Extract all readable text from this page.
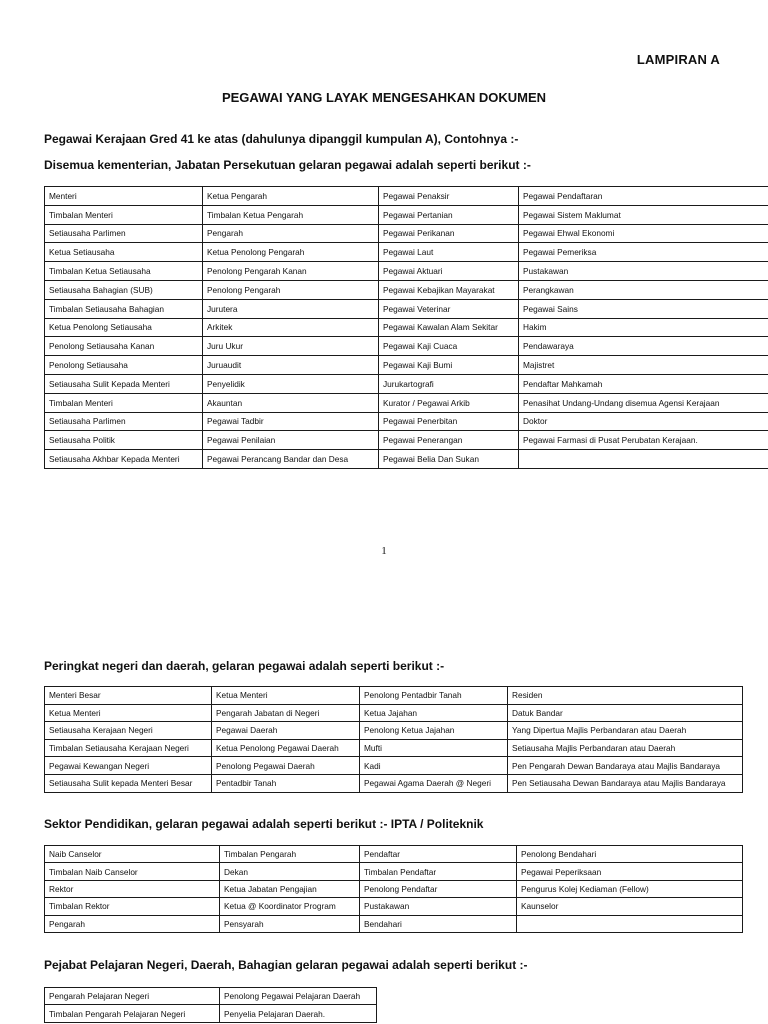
LAMPIRAN A
PEGAWAI YANG LAYAK MENGESAHKAN DOKUMEN
Pegawai Kerajaan Gred 41 ke atas (dahulunya dipanggil kumpulan A), Contohnya :-
Disemua kementerian, Jabatan Persekutuan gelaran pegawai adalah seperti berikut :-
Menteri	Ketua Pengarah	Pegawai Penaksir	Pegawai Pendaftaran
Timbalan Menteri	Timbalan Ketua Pengarah	Pegawai Pertanian	Pegawai Sistem Maklumat
Setiausaha Parlimen	Pengarah	Pegawai Perikanan	Pegawai Ehwal Ekonomi
Ketua Setiausaha	Ketua Penolong Pengarah	Pegawai Laut	Pegawai Pemeriksa
Timbalan Ketua Setiausaha	Penolong Pengarah Kanan	Pegawai Aktuari	Pustakawan
Setiausaha Bahagian (SUB)	Penolong Pengarah	Pegawai Kebajikan Mayarakat	Perangkawan
Timbalan Setiausaha Bahagian	Jurutera	Pegawai Veterinar	Pegawai Sains
Ketua Penolong Setiausaha	Arkitek	Pegawai Kawalan Alam Sekitar	Hakim
Penolong Setiausaha Kanan	Juru Ukur	Pegawai Kaji Cuaca	Pendawaraya
Penolong Setiausaha	Juruaudit	Pegawai Kaji Bumi	Majistret
Setiausaha Sulit Kepada Menteri	Penyelidik	Jurukartografi	Pendaftar Mahkamah
Timbalan Menteri	Akauntan	Kurator / Pegawai Arkib	Penasihat Undang-Undang disemua Agensi Kerajaan
Setiausaha Parlimen	Pegawai Tadbir	Pegawai Penerbitan	Doktor
Setiausaha Politik	Pegawai Penilaian	Pegawai Penerangan	Pegawai Farmasi di Pusat Perubatan Kerajaan.
Setiausaha Akhbar Kepada Menteri	Pegawai Perancang Bandar dan Desa	Pegawai Belia Dan Sukan	
1
Peringkat negeri dan daerah, gelaran pegawai adalah seperti berikut :-
Menteri Besar	Ketua Menteri	Penolong Pentadbir Tanah	Residen
Ketua Menteri	Pengarah Jabatan di Negeri	Ketua Jajahan	Datuk Bandar
Setiausaha Kerajaan Negeri	Pegawai Daerah	Penolong Ketua Jajahan	Yang Dipertua Majlis Perbandaran atau Daerah
Timbalan Setiausaha Kerajaan Negeri	Ketua Penolong Pegawai Daerah	Mufti	Setiausaha Majlis Perbandaran atau Daerah
Pegawai Kewangan Negeri	Penolong Pegawai Daerah	Kadi	Pen Pengarah Dewan Bandaraya atau Majlis Bandaraya
Setiausaha Sulit kepada Menteri Besar	Pentadbir Tanah	Pegawai Agama Daerah @ Negeri	Pen Setiausaha Dewan Bandaraya atau Majlis Bandaraya
Sektor Pendidikan, gelaran pegawai adalah seperti berikut :- IPTA / Politeknik
Naib Canselor	Timbalan Pengarah	Pendaftar	Penolong Bendahari
Timbalan Naib Canselor	Dekan	Timbalan Pendaftar	Pegawai Peperiksaan
Rektor	Ketua Jabatan Pengajian	Penolong Pendaftar	Pengurus Kolej Kediaman (Fellow)
Timbalan Rektor	Ketua @ Koordinator Program	Pustakawan	Kaunselor
Pengarah	Pensyarah	Bendahari	
Pejabat Pelajaran Negeri, Daerah, Bahagian gelaran pegawai adalah seperti berikut :-
Pengarah Pelajaran Negeri	Penolong Pegawai Pelajaran Daerah
Timbalan Pengarah Pelajaran Negeri	Penyelia Pelajaran Daerah.
